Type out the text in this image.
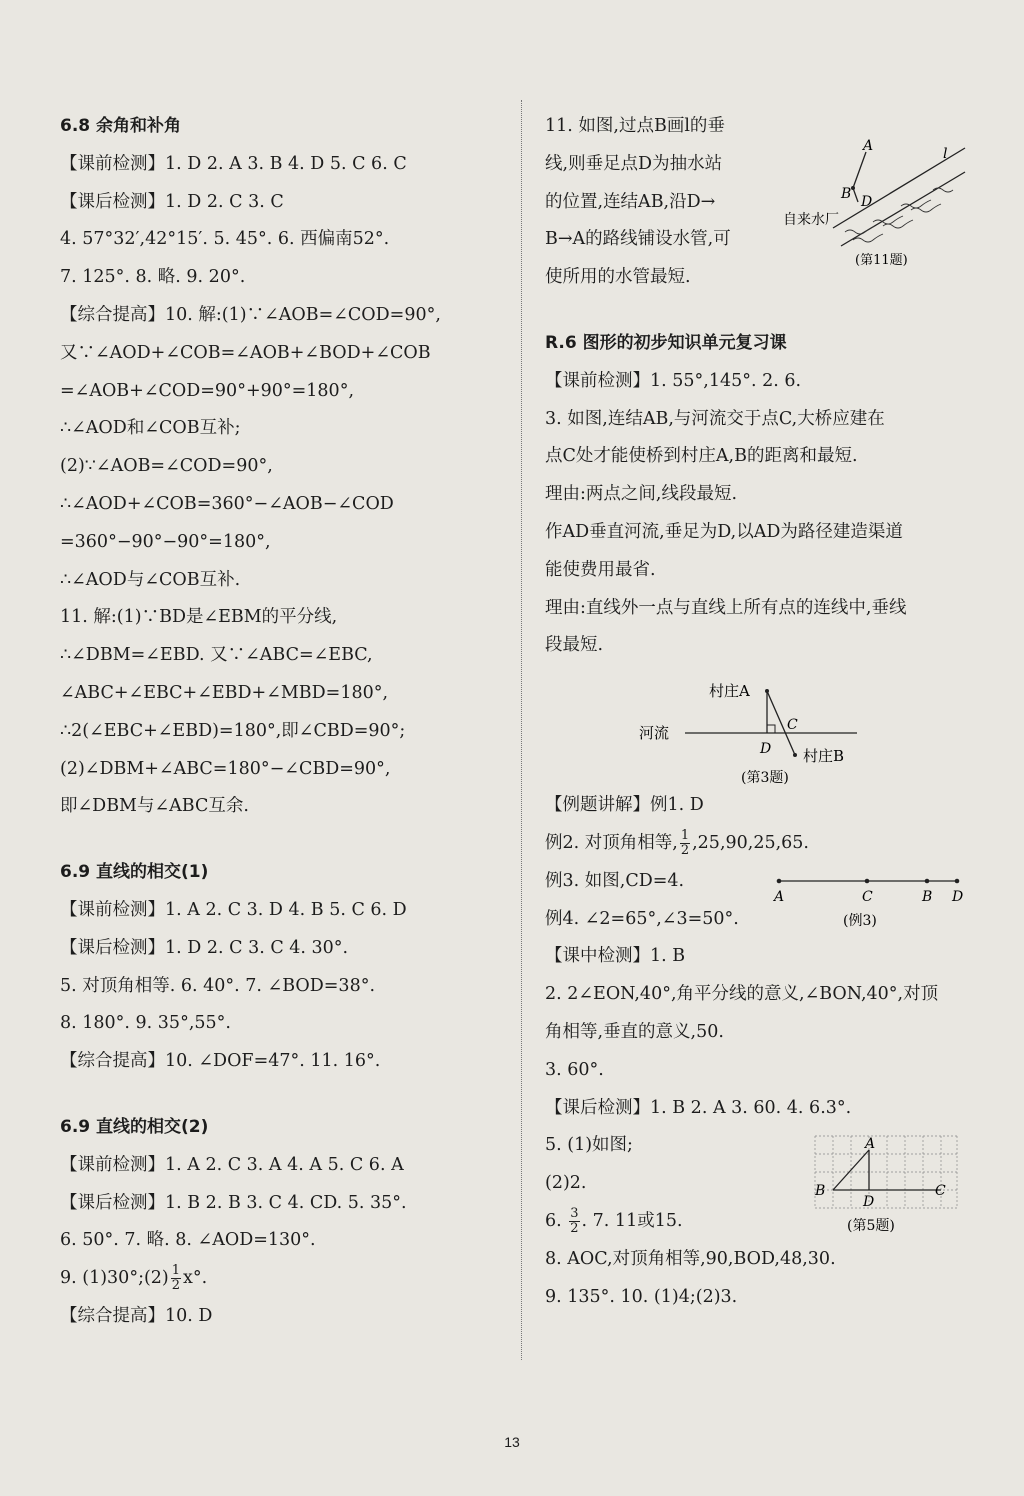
6.8 余角和补角
【课前检测】1. D 2. A 3. B 4. D 5. C 6. C
【课后检测】1. D 2. C 3. C
4. 57°32′,42°15′. 5. 45°. 6. 西偏南52°.
7. 125°. 8. 略. 9. 20°.
【综合提高】10. 解:(1)∵∠AOB=∠COD=90°,
又∵∠AOD+∠COB=∠AOB+∠BOD+∠COB
=∠AOB+∠COD=90°+90°=180°,
∴∠AOD和∠COB互补;
(2)∵∠AOB=∠COD=90°,
∴∠AOD+∠COB=360°−∠AOB−∠COD
=360°−90°−90°=180°,
∴∠AOD与∠COB互补.
11. 解:(1)∵BD是∠EBM的平分线,
∴∠DBM=∠EBD. 又∵∠ABC=∠EBC,
∠ABC+∠EBC+∠EBD+∠MBD=180°,
∴2(∠EBC+∠EBD)=180°,即∠CBD=90°;
(2)∠DBM+∠ABC=180°−∠CBD=90°,
即∠DBM与∠ABC互余.
6.9 直线的相交(1)
【课前检测】1. A 2. C 3. D 4. B 5. C 6. D
【课后检测】1. D 2. C 3. C 4. 30°.
5. 对顶角相等. 6. 40°. 7. ∠BOD=38°.
8. 180°. 9. 35°,55°.
【综合提高】10. ∠DOF=47°. 11. 16°.
6.9 直线的相交(2)
【课前检测】1. A 2. C 3. A 4. A 5. C 6. A
【课后检测】1. B 2. B 3. C 4. CD. 5. 35°.
6. 50°. 7. 略. 8. ∠AOD=130°.
9. (1)30°;(2) $\frac{1}{2} x^\circ$.
【综合提高】10. D
11. 如图,过点B画l的垂
线,则垂足点D为抽水站
的位置,连结AB,沿D→
B→A的路线铺设水管,可
使所用的水管最短.
A
B D
l
自来水厂
(第11题)
R.6 图形的初步知识单元复习课
【课前检测】1. 55°,145°. 2. 6.
3. 如图,连结AB,与河流交于点C,大桥应建在
点C处才能使桥到村庄A,B的距离和最短.
理由:两点之间,线段最短.
作AD垂直河流,垂足为D,以AD为路径建造渠道
能使费用最省.
理由:直线外一点与直线上所有点的连线中,垂线
段最短.
村庄A
河流	C
D 村庄B
(第3题)
【例题讲解】例1. D
例2. 对顶角相等, $\frac{1}{2} ,25,90,25,65$.
例3. 如图,CD=4.
例4. ∠2=65°,∠3=50°.
A	C	B D
(例3)
【课中检测】1. B
2. 2∠EON,40°,角平分线的意义,∠BON,40°,对顶
角相等,垂直的意义,50.
3. 60°.
【课后检测】1. B 2. A 3. 60. 4. 6.3°.
5. (1)如图;
(2)2.
6. $\frac{3}{2}$ . 7. 11或15.
8. AOC,对顶角相等,90,BOD,48,30.
9. 135°. 10. (1)4;(2)3.
A
B
D
C
(第5题)
13
